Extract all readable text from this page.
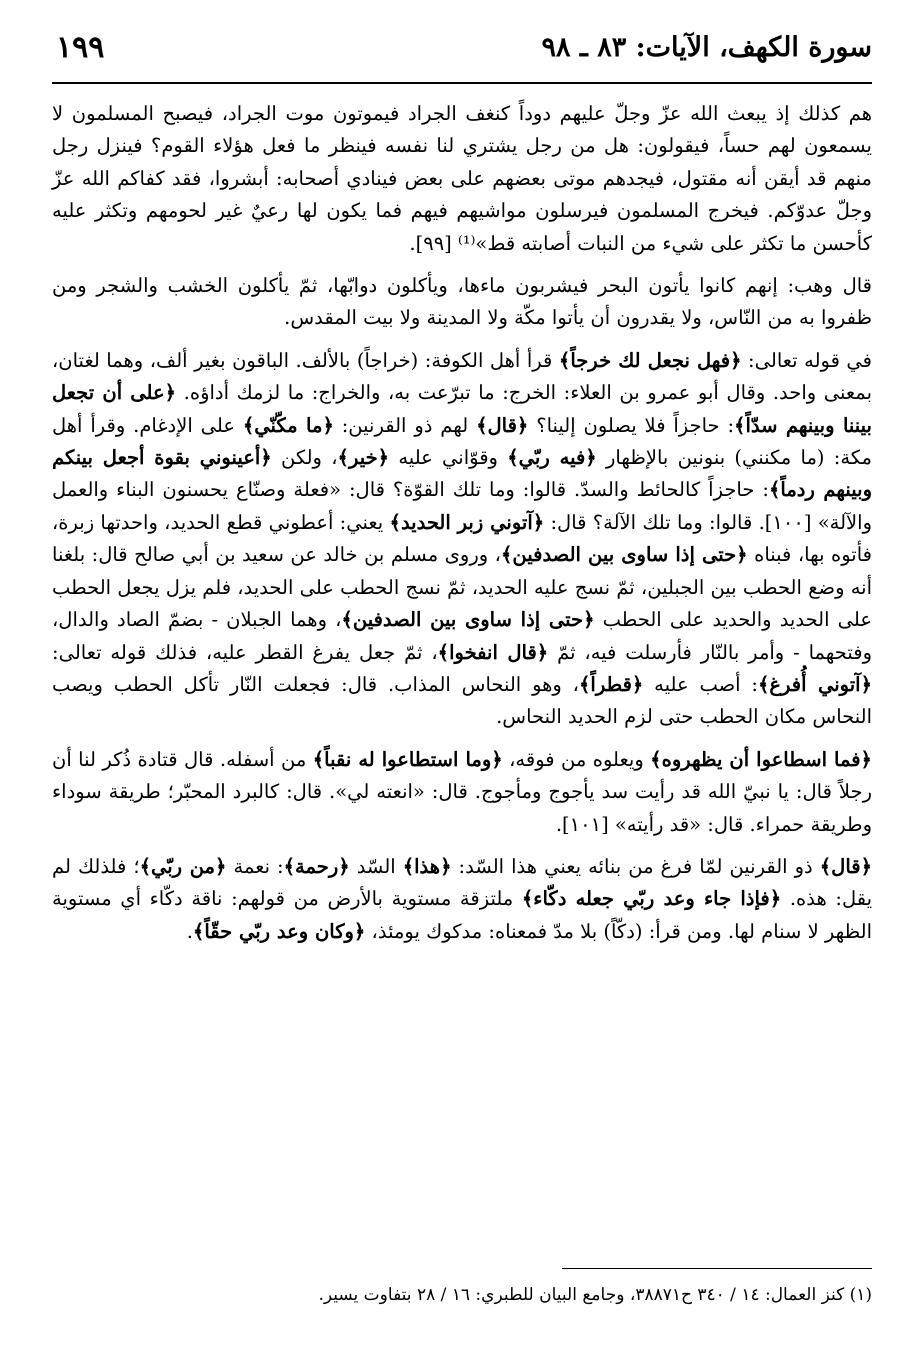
سورة الكهف، الآيات: ٨٣ ـ ٩٨
١٩٩

هم كذلك إذ يبعث الله عزّ وجلّ عليهم دوداً كنغف الجراد فيموتون موت الجراد، فيصبح المسلمون لا يسمعون لهم حساً، فيقولون: هل من رجل يشتري لنا نفسه فينظر ما فعل هؤلاء القوم؟ فينزل رجل منهم قد أيقن أنه مقتول، فيجدهم موتى بعضهم على بعض فينادي أصحابه: أبشروا، فقد كفاكم الله عزّ وجلّ عدوّكم. فيخرج المسلمون فيرسلون مواشيهم فيهم فما يكون لها رعيٌ غير لحومهم وتكثر عليه كأحسن ما تكثر على شيء من النبات أصابته قط»⁽¹⁾ [٩٩].

قال وهب: إنهم كانوا يأتون البحر فيشربون ماءها، ويأكلون دوابّها، ثمّ يأكلون الخشب والشجر ومن ظفروا به من النّاس، ولا يقدرون أن يأتوا مكّة ولا المدينة ولا بيت المقدس.

في قوله تعالى: ﴿فهل نجعل لك خرجاً﴾ قرأ أهل الكوفة: (خراجاً) بالألف. الباقون بغير ألف، وهما لغتان، بمعنى واحد. وقال أبو عمرو بن العلاء: الخرج: ما تبرّعت به، والخراج: ما لزمك أداؤه. ﴿على أن تجعل بيننا وبينهم سدّاً﴾: حاجزاً فلا يصلون إلينا؟ ﴿قال﴾ لهم ذو القرنين: ﴿ما مكّنّي﴾ على الإدغام. وقرأ أهل مكة: (ما مكنني) بنونين بالإظهار ﴿فيه ربّي﴾ وقوّاني عليه ﴿خير﴾، ولكن ﴿أعينوني بقوة أجعل بينكم وبينهم ردماً﴾: حاجزاً كالحائط والسدّ. قالوا: وما تلك القوّة؟ قال: «فعلة وصنّاع يحسنون البناء والعمل والآلة» [١٠٠]. قالوا: وما تلك الآلة؟ قال: ﴿آتوني زبر الحديد﴾ يعني: أعطوني قطع الحديد، واحدتها زبرة، فأتوه بها، فبناه ﴿حتى إذا ساوى بين الصدفين﴾، وروى مسلم بن خالد عن سعيد بن أبي صالح قال: بلغنا أنه وضع الحطب بين الجبلين، ثمّ نسج عليه الحديد، ثمّ نسج الحطب على الحديد، فلم يزل يجعل الحطب على الحديد والحديد على الحطب ﴿حتى إذا ساوى بين الصدفين﴾، وهما الجبلان - بضمّ الصاد والدال، وفتحهما - وأمر بالنّار فأرسلت فيه، ثمّ ﴿قال انفخوا﴾، ثمّ جعل يفرغ القطر عليه، فذلك قوله تعالى: ﴿آتوني أُفرغ﴾: أصب عليه ﴿قطراً﴾، وهو النحاس المذاب. قال: فجعلت النّار تأكل الحطب ويصب النحاس مكان الحطب حتى لزم الحديد النحاس.

﴿فما اسطاعوا أن يظهروه﴾ ويعلوه من فوقه، ﴿وما استطاعوا له نقباً﴾ من أسفله. قال قتادة ذُكر لنا أن رجلاً قال: يا نبيّ الله قد رأيت سد يأجوج ومأجوج. قال: «انعته لي». قال: كالبرد المحبّر؛ طريقة سوداء وطريقة حمراء. قال: «قد رأيته» [١٠١].

﴿قال﴾ ذو القرنين لمّا فرغ من بنائه يعني هذا السّد: ﴿هذا﴾ السّد ﴿رحمة﴾: نعمة ﴿من ربّي﴾؛ فلذلك لم يقل: هذه. ﴿فإذا جاء وعد ربّي جعله دكّاء﴾ ملتزقة مستوية بالأرض من قولهم: ناقة دكّاء أي مستوية الظهر لا سنام لها. ومن قرأ: (دكّاً) بلا مدّ فمعناه: مدكوك يومئذ، ﴿وكان وعد ربّي حقّاً﴾.

(١) كنز العمال: ١٤ / ٣٤٠ ح٣٨٨٧١، وجامع البيان للطبري: ١٦ / ٢٨ بتفاوت يسير.
